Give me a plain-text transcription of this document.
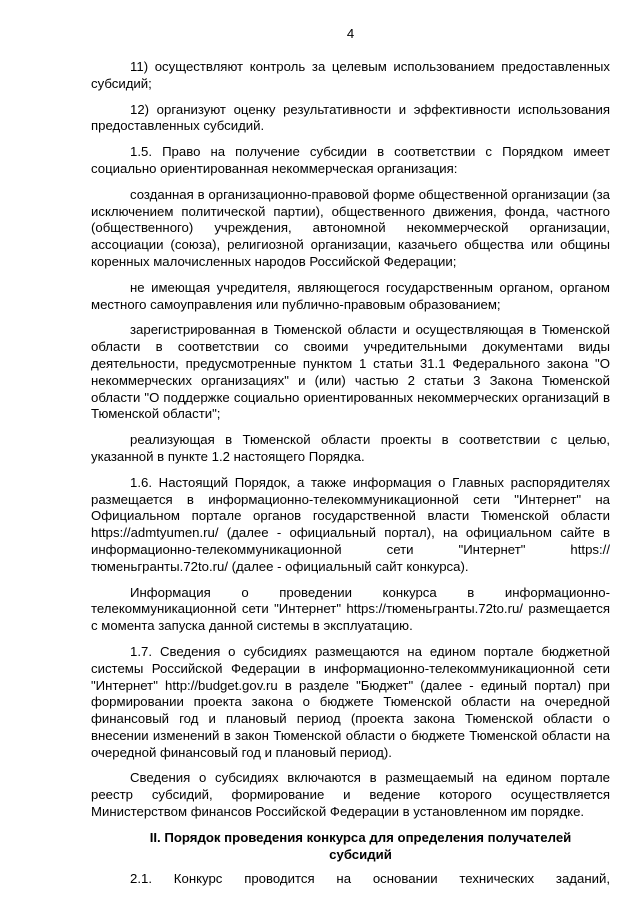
4

11) осуществляют контроль за целевым использованием предоставленных субсидий;

12) организуют оценку результативности и эффективности использования предоставленных субсидий.

1.5. Право на получение субсидии в соответствии с Порядком имеет социально ориентированная некоммерческая организация:

созданная в организационно-правовой форме общественной организации (за исключением политической партии), общественного движения, фонда, частного (общественного) учреждения, автономной некоммерческой организации, ассоциации (союза), религиозной организации, казачьего общества или общины коренных малочисленных народов Российской Федерации;

не имеющая учредителя, являющегося государственным органом, органом местного самоуправления или публично-правовым образованием;

зарегистрированная в Тюменской области и осуществляющая в Тюменской области в соответствии со своими учредительными документами виды деятельности, предусмотренные пунктом 1 статьи 31.1 Федерального закона "О некоммерческих организациях" и (или) частью 2 статьи 3 Закона Тюменской области "О поддержке социально ориентированных некоммерческих организаций в Тюменской области";

реализующая в Тюменской области проекты в соответствии с целью, указанной в пункте 1.2 настоящего Порядка.

1.6. Настоящий Порядок, а также информация о Главных распорядителях размещается в информационно-телекоммуникационной сети "Интернет" на Официальном портале органов государственной власти Тюменской области https://admtyumen.ru/ (далее - официальный портал), на официальном сайте в информационно-телекоммуникационной сети "Интернет" https://тюменьгранты.72to.ru/ (далее - официальный сайт конкурса).

Информация о проведении конкурса в информационно-телекоммуникационной сети "Интернет" https://тюменьгранты.72to.ru/ размещается с момента запуска данной системы в эксплуатацию.

1.7. Сведения о субсидиях размещаются на едином портале бюджетной системы Российской Федерации в информационно-телекоммуникационной сети "Интернет" http://budget.gov.ru в разделе "Бюджет" (далее - единый портал) при формировании проекта закона о бюджете Тюменской области на очередной финансовый год и плановый период (проекта закона Тюменской области о внесении изменений в закон Тюменской области о бюджете Тюменской области на очередной финансовый год и плановый период).

Сведения о субсидиях включаются в размещаемый на едином портале реестр субсидий, формирование и ведение которого осуществляется Министерством финансов Российской Федерации в установленном им порядке.

II. Порядок проведения конкурса для определения получателей субсидий

2.1. Конкурс проводится на основании технических заданий,
